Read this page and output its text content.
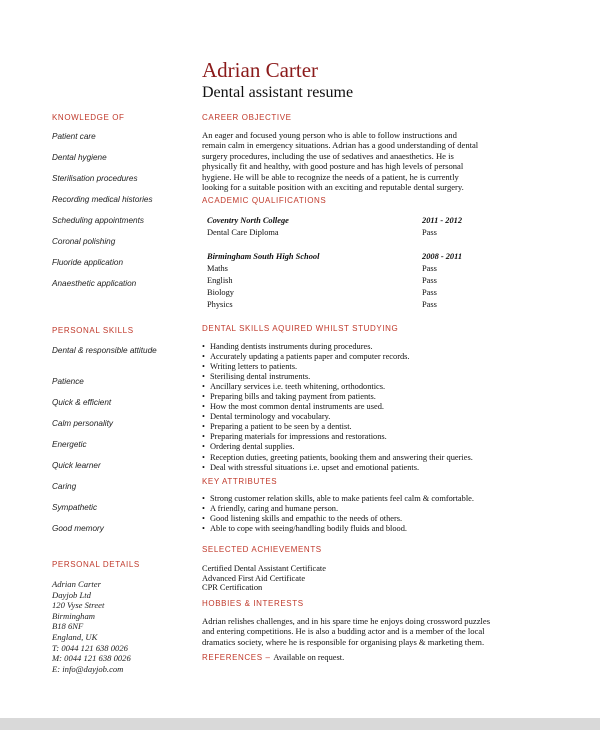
Adrian Carter
Dental assistant resume
KNOWLEDGE OF
Patient care
Dental hygiene
Sterilisation procedures
Recording medical histories
Scheduling appointments
Coronal polishing
Fluoride application
Anaesthetic application
PERSONAL SKILLS
Dental & responsible attitude
Patience
Quick & efficient
Calm personality
Energetic
Quick learner
Caring
Sympathetic
Good memory
PERSONAL DETAILS
Adrian Carter
Dayjob Ltd
120 Vyse Street
Birmingham
B18 6NF
England, UK
T: 0044 121 638 0026
M: 0044 121 638 0026
E: info@dayjob.com
CAREER OBJECTIVE
An eager and focused young person who is able to follow instructions and
remain calm in emergency situations. Adrian has a good understanding of dental
surgery procedures, including the use of sedatives and anaesthetics. He is
physically fit and healthy, with good posture and has high levels of personal
hygiene. He will be able to recognize the needs of a patient, he is currently
looking for a suitable position with an exciting and reputable dental surgery.
ACADEMIC QUALIFICATIONS
Coventry North College	2011 - 2012
Dental Care Diploma	Pass
Birmingham South High School	2008 - 2011
Maths	Pass
English	Pass
Biology	Pass
Physics	Pass
DENTAL SKILLS AQUIRED WHILST STUDYING
• Handing dentists instruments during procedures.
• Accurately updating a patients paper and computer records.
• Writing letters to patients.
• Sterilising dental instruments.
• Ancillary services i.e. teeth whitening, orthodontics.
• Preparing bills and taking payment from patients.
• How the most common dental instruments are used.
• Dental terminology and vocabulary.
• Preparing a patient to be seen by a dentist.
• Preparing materials for impressions and restorations.
• Ordering dental supplies.
• Reception duties, greeting patients, booking them and answering their queries.
• Deal with stressful situations i.e. upset and emotional patients.
KEY ATTRIBUTES
• Strong customer relation skills, able to make patients feel calm & comfortable.
• A friendly, caring and humane person.
• Good listening skills and empathic to the needs of others.
• Able to cope with seeing/handling bodily fluids and blood.
SELECTED ACHIEVEMENTS
Certified Dental Assistant Certificate
Advanced First Aid Certificate
CPR Certification
HOBBIES & INTERESTS
Adrian relishes challenges, and in his spare time he enjoys doing crossword puzzles
and entering competitions. He is also a budding actor and is a member of the local
dramatics society, where he is responsible for organising plays & marketing them.
REFERENCES – Available on request.
